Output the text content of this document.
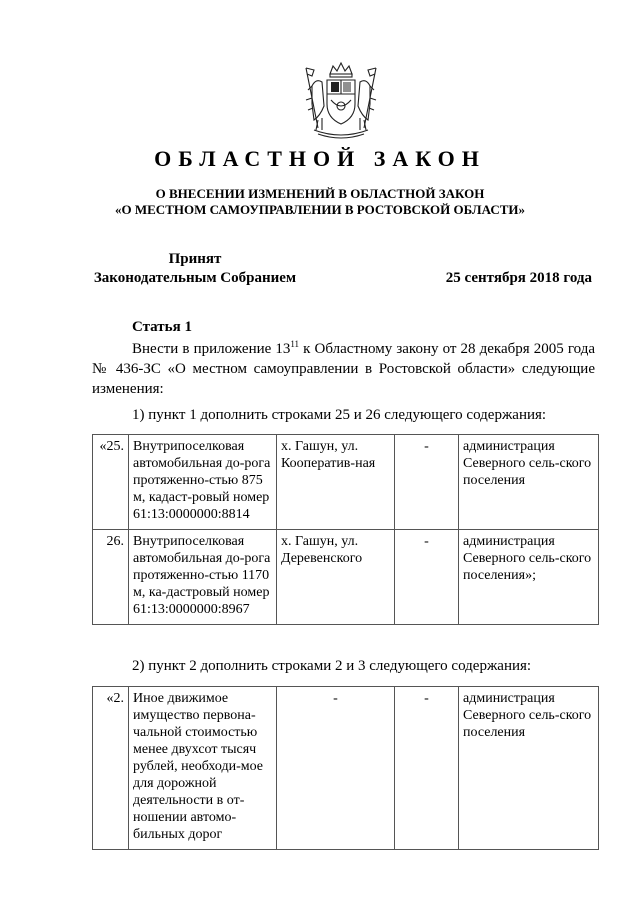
ОБЛАСТНОЙ ЗАКОН
О ВНЕСЕНИИ ИЗМЕНЕНИЙ В ОБЛАСТНОЙ ЗАКОН
«О МЕСТНОМ САМОУПРАВЛЕНИИ В РОСТОВСКОЙ ОБЛАСТИ»
Принят
Законодательным Собранием	25 сентября 2018 года
Статья 1
Внести в приложение $13^{11}$ к Областному закону от 28 декабря 2005 года № 436-ЗС «О местном самоуправлении в Ростовской области» следующие изменения:
1) пункт 1 дополнить строками 25 и 26 следующего содержания:
«25.	Внутрипоселковая автомобильная до-рога протяженно-стью 875 м, кадаст-ровый номер 61:13:0000000:8814	х. Гашун, ул. Кооператив-ная	-	администрация Северного сель-ского поселения
26.	Внутрипоселковая автомобильная до-рога протяженно-стью 1170 м, ка-дастровый номер 61:13:0000000:8967	х. Гашун, ул. Деревенского	-	администрация Северного сель-ского поселения»;
2) пункт 2 дополнить строками 2 и 3 следующего содержания:
«2.	Иное движимое имущество первона-чальной стоимостью менее двухсот тысяч рублей, необходи-мое для дорожной деятельности в от-ношении автомо-бильных дорог	-	-	администрация Северного сель-ского поселения
